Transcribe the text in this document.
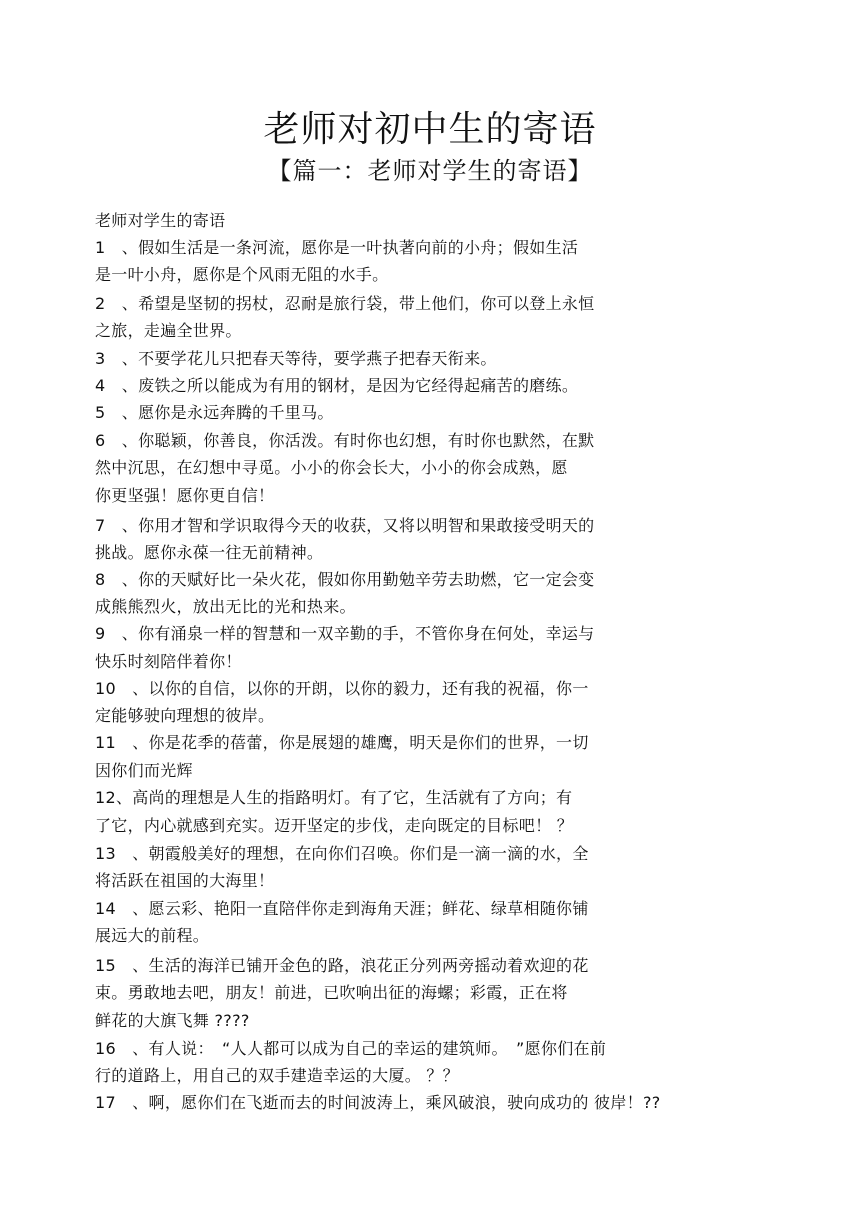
老师对初中生的寄语
【篇一：老师对学生的寄语】
老师对学生的寄语
1　、假如生活是一条河流，愿你是一叶执著向前的小舟；假如生活
是一叶小舟，愿你是个风雨无阻的水手。
2　、希望是坚韧的拐杖，忍耐是旅行袋，带上他们，你可以登上永恒
之旅，走遍全世界。
3　、不要学花儿只把春天等待，要学燕子把春天衔来。
4　、废铁之所以能成为有用的钢材，是因为它经得起痛苦的磨练。
5　、愿你是永远奔腾的千里马。
6　、你聪颖，你善良，你活泼。有时你也幻想，有时你也默然，在默
然中沉思，在幻想中寻觅。小小的你会长大，小小的你会成熟，愿
你更坚强！愿你更自信！
7　、你用才智和学识取得今天的收获，又将以明智和果敢接受明天的
挑战。愿你永葆一往无前精神。
8　、你的天赋好比一朵火花，假如你用勤勉辛劳去助燃，它一定会变
成熊熊烈火，放出无比的光和热来。
9　、你有涌泉一样的智慧和一双辛勤的手，不管你身在何处，幸运与
快乐时刻陪伴着你！
10　、以你的自信，以你的开朗，以你的毅力，还有我的祝福，你一
定能够驶向理想的彼岸。
11　、你是花季的蓓蕾，你是展翅的雄鹰，明天是你们的世界，一切
因你们而光辉
12、高尚的理想是人生的指路明灯。有了它，生活就有了方向；有
了它，内心就感到充实。迈开坚定的步伐，走向既定的目标吧！ ？
13　、朝霞般美好的理想，在向你们召唤。你们是一滴一滴的水，全
将活跃在祖国的大海里！
14　、愿云彩、艳阳一直陪伴你走到海角天涯；鲜花、绿草相随你铺
展远大的前程。
15　、生活的海洋已铺开金色的路，浪花正分列两旁摇动着欢迎的花
束。勇敢地去吧，朋友！前进，已吹响出征的海螺；彩霞，正在将
鲜花的大旗飞舞 ????
16　、有人说：　“人人都可以成为自己的幸运的建筑师。　”愿你们在前
行的道路上，用自己的双手建造幸运的大厦。 ？？
17　、啊，愿你们在飞逝而去的时间波涛上，乘风破浪，驶向成功的 彼岸！??
